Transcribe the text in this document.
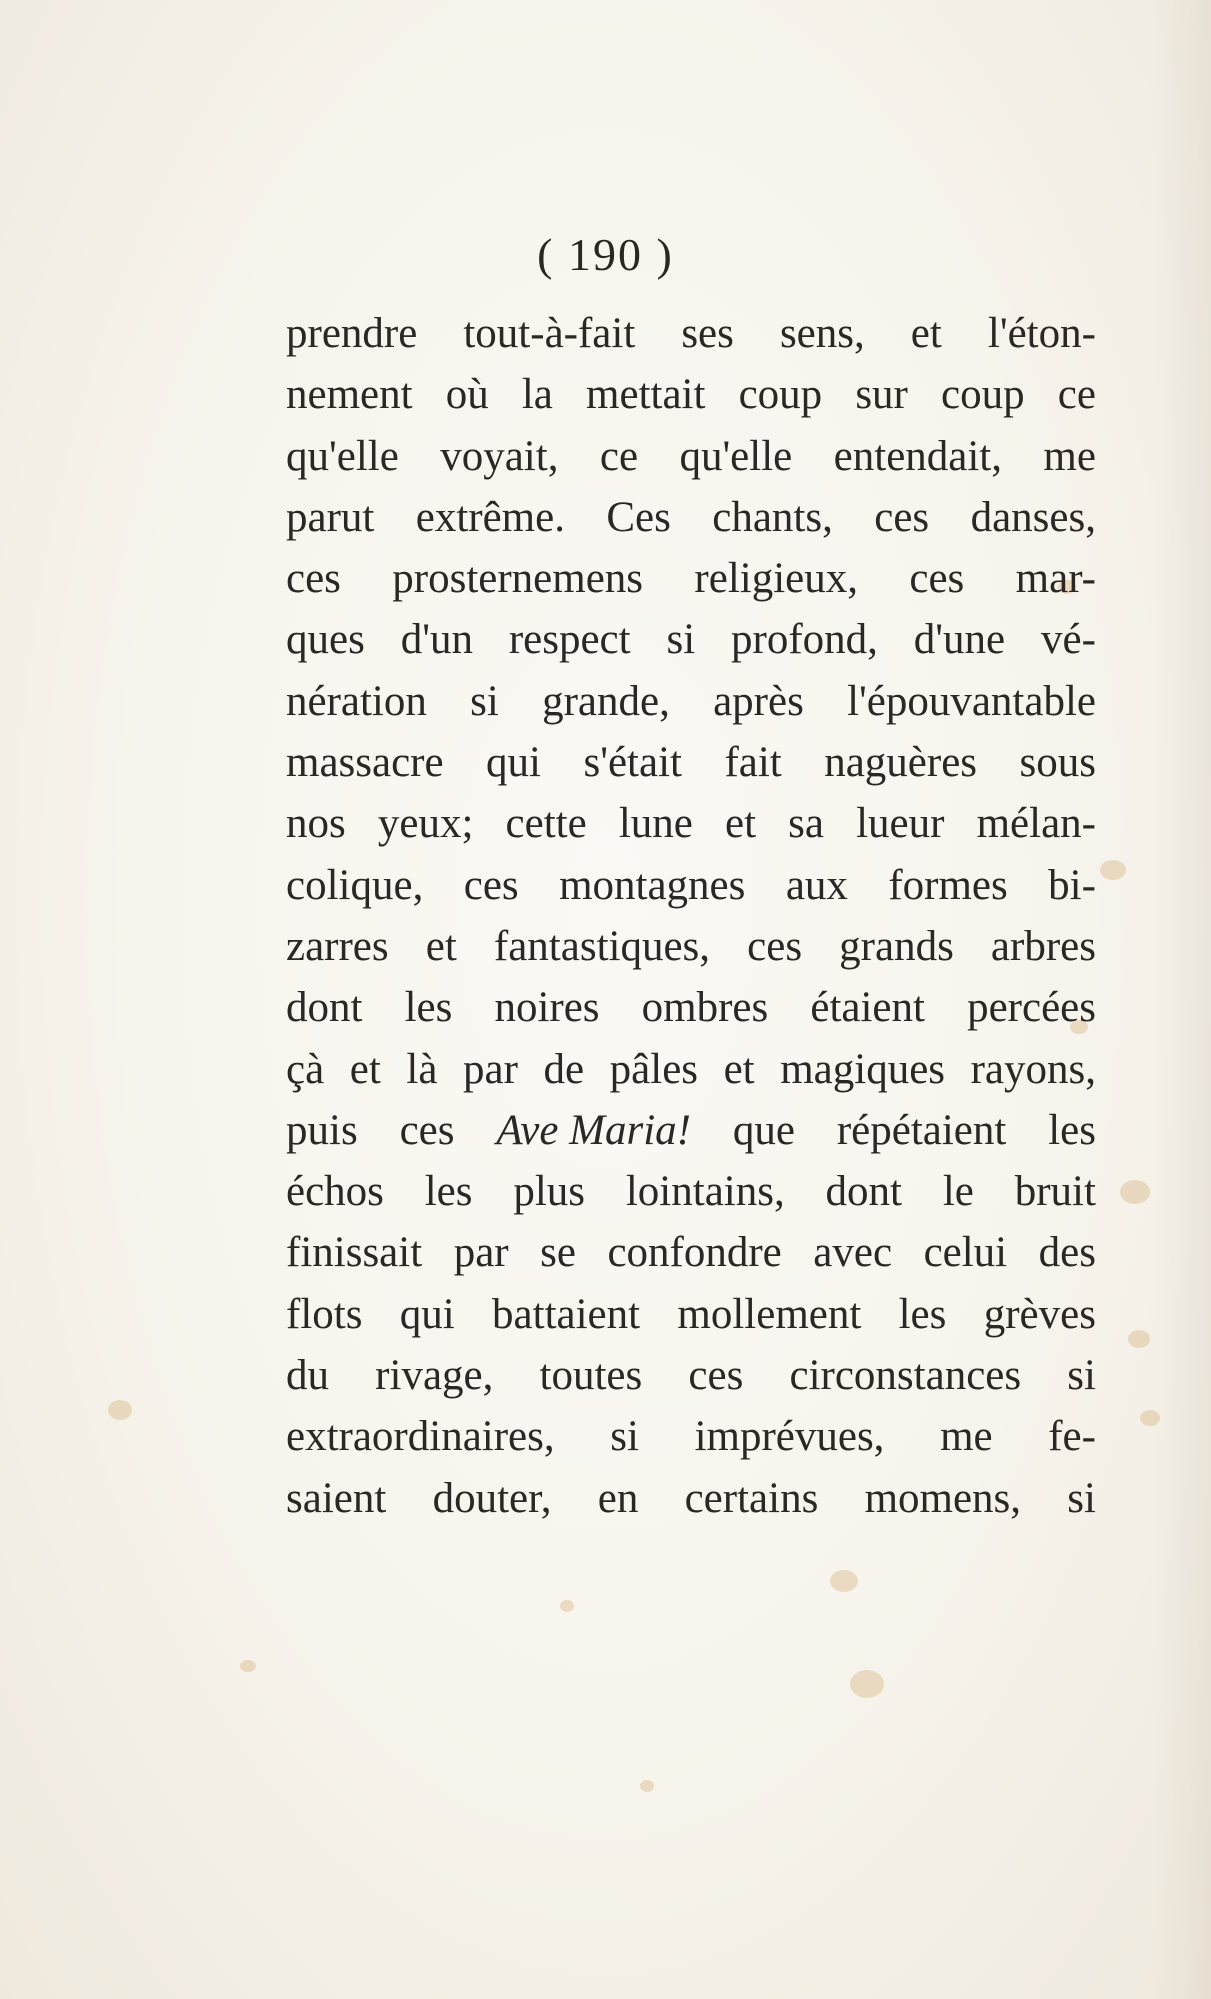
( 190 )
prendre tout-à-fait ses sens, et l'éton-
nement où la mettait coup sur coup ce
qu'elle voyait, ce qu'elle entendait, me
parut extrême. Ces chants, ces danses,
ces prosternemens religieux, ces mar-
ques d'un respect si profond, d'une vé-
nération si grande, après l'épouvantable
massacre qui s'était fait naguères sous
nos yeux; cette lune et sa lueur mélan-
colique, ces montagnes aux formes bi-
zarres et fantastiques, ces grands arbres
dont les noires ombres étaient percées
çà et là par de pâles et magiques rayons,
puis ces Ave Maria! que répétaient les
échos les plus lointains, dont le bruit
finissait par se confondre avec celui des
flots qui battaient mollement les grèves
du rivage, toutes ces circonstances si
extraordinaires, si imprévues, me fe-
saient douter, en certains momens, si
